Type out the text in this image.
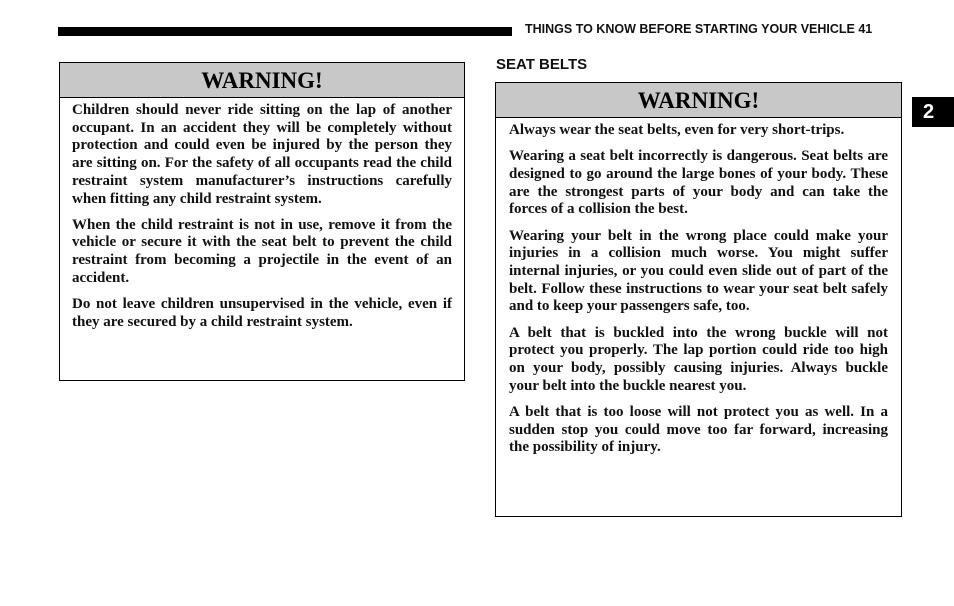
THINGS TO KNOW BEFORE STARTING YOUR VEHICLE 41
2
WARNING!

Children should never ride sitting on the lap of another occupant. In an accident they will be completely without protection and could even be injured by the person they are sitting on. For the safety of all occupants read the child restraint system manufacturer’s instructions carefully when fitting any child restraint system.

When the child restraint is not in use, remove it from the vehicle or secure it with the seat belt to prevent the child restraint from becoming a projectile in the event of an accident.

Do not leave children unsupervised in the vehicle, even if they are secured by a child restraint system.

SEAT BELTS
WARNING!

Always wear the seat belts, even for very short-trips.

Wearing a seat belt incorrectly is dangerous. Seat belts are designed to go around the large bones of your body. These are the strongest parts of your body and can take the forces of a collision the best.

Wearing your belt in the wrong place could make your injuries in a collision much worse. You might suffer internal injuries, or you could even slide out of part of the belt. Follow these instructions to wear your seat belt safely and to keep your passengers safe, too.

A belt that is buckled into the wrong buckle will not protect you properly. The lap portion could ride too high on your body, possibly causing injuries. Always buckle your belt into the buckle nearest you.

A belt that is too loose will not protect you as well. In a sudden stop you could move too far forward, increasing the possibility of injury.
